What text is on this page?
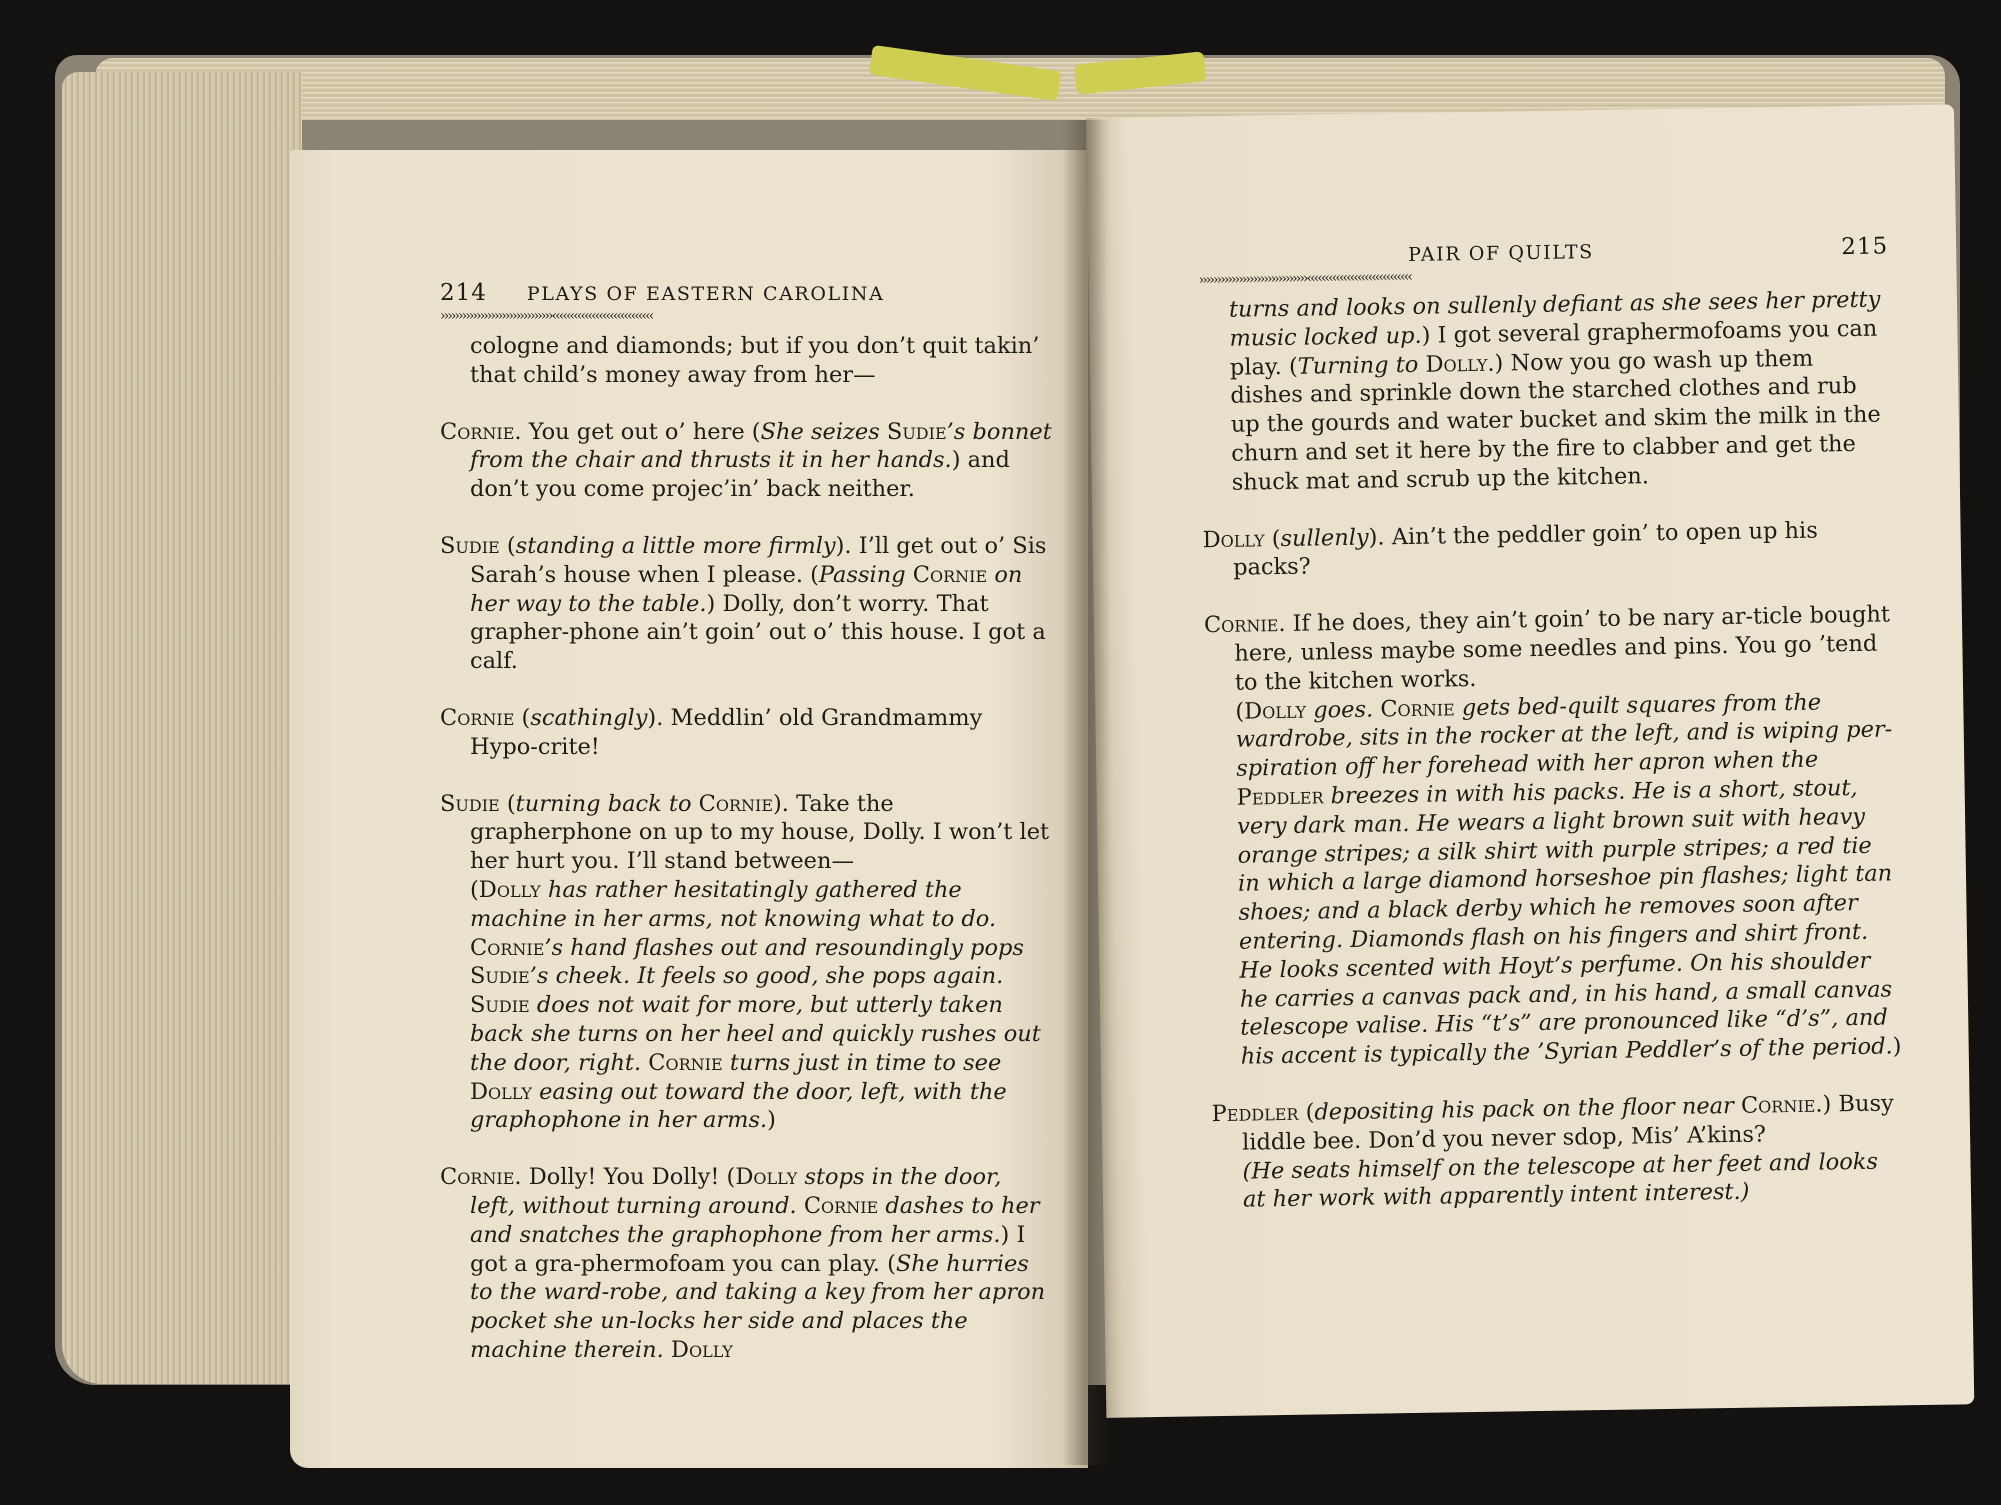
214 PLAYS OF EASTERN CAROLINA
›››››››››››››››››››››››››››››››‹‹‹‹‹‹‹‹‹‹‹‹‹‹‹‹‹‹‹‹‹‹‹‹‹‹‹‹

cologne and diamonds; but if you don’t quit takin’ that child’s money away from her—

Cornie. You get out o’ here (She seizes Sudie’s bonnet from the chair and thrusts it in her hands.) and don’t you come projec’in’ back neither.

Sudie (standing a little more firmly). I’ll get out o’ Sis Sarah’s house when I please. (Passing Cornie on her way to the table.) Dolly, don’t worry. That grapher-phone ain’t goin’ out o’ this house. I got a calf.

Cornie (scathingly). Meddlin’ old Grandmammy Hypo-crite!

Sudie (turning back to Cornie). Take the grapherphone on up to my house, Dolly. I won’t let her hurt you. I’ll stand between—

(Dolly has rather hesitatingly gathered the machine in her arms, not knowing what to do. Cornie’s hand flashes out and resoundingly pops Sudie’s cheek. It feels so good, she pops again. Sudie does not wait for more, but utterly taken back she turns on her heel and quickly rushes out the door, right. Cornie turns just in time to see Dolly easing out toward the door, left, with the graphophone in her arms.)

Cornie. Dolly! You Dolly! (Dolly stops in the door, left, without turning around. Cornie dashes to her and snatches the graphophone from her arms.) I got a gra-phermofoam you can play. (She hurries to the ward-robe, and taking a key from her apron pocket she un-locks her side and places the machine therein. Dolly

PAIR OF QUILTS	215
››››››››››››››››››››››››››››››‹‹‹‹‹‹‹‹‹‹‹‹‹‹‹‹‹‹‹‹‹‹‹‹‹‹‹‹‹

turns and looks on sullenly defiant as she sees her pretty music locked up.) I got several graphermofoams you can play. (Turning to Dolly.) Now you go wash up them dishes and sprinkle down the starched clothes and rub up the gourds and water bucket and skim the milk in the churn and set it here by the fire to clabber and get the shuck mat and scrub up the kitchen.

Dolly (sullenly). Ain’t the peddler goin’ to open up his packs?

Cornie. If he does, they ain’t goin’ to be nary ar-ticle bought here, unless maybe some needles and pins. You go ’tend to the kitchen works.

(Dolly goes. Cornie gets bed-quilt squares from the wardrobe, sits in the rocker at the left, and is wiping per-spiration off her forehead with her apron when the Peddler breezes in with his packs. He is a short, stout, very dark man. He wears a light brown suit with heavy orange stripes; a silk shirt with purple stripes; a red tie in which a large diamond horseshoe pin flashes; light tan shoes; and a black derby which he removes soon after entering. Diamonds flash on his fingers and shirt front. He looks scented with Hoyt’s perfume. On his shoulder he carries a canvas pack and, in his hand, a small canvas telescope valise. His “t’s” are pronounced like “d’s”, and his accent is typically the ’Syrian Peddler’s of the period.)

Peddler (depositing his pack on the floor near Cornie.) Busy liddle bee. Don’d you never sdop, Mis’ A’kins?

(He seats himself on the telescope at her feet and looks at her work with apparently intent interest.)
